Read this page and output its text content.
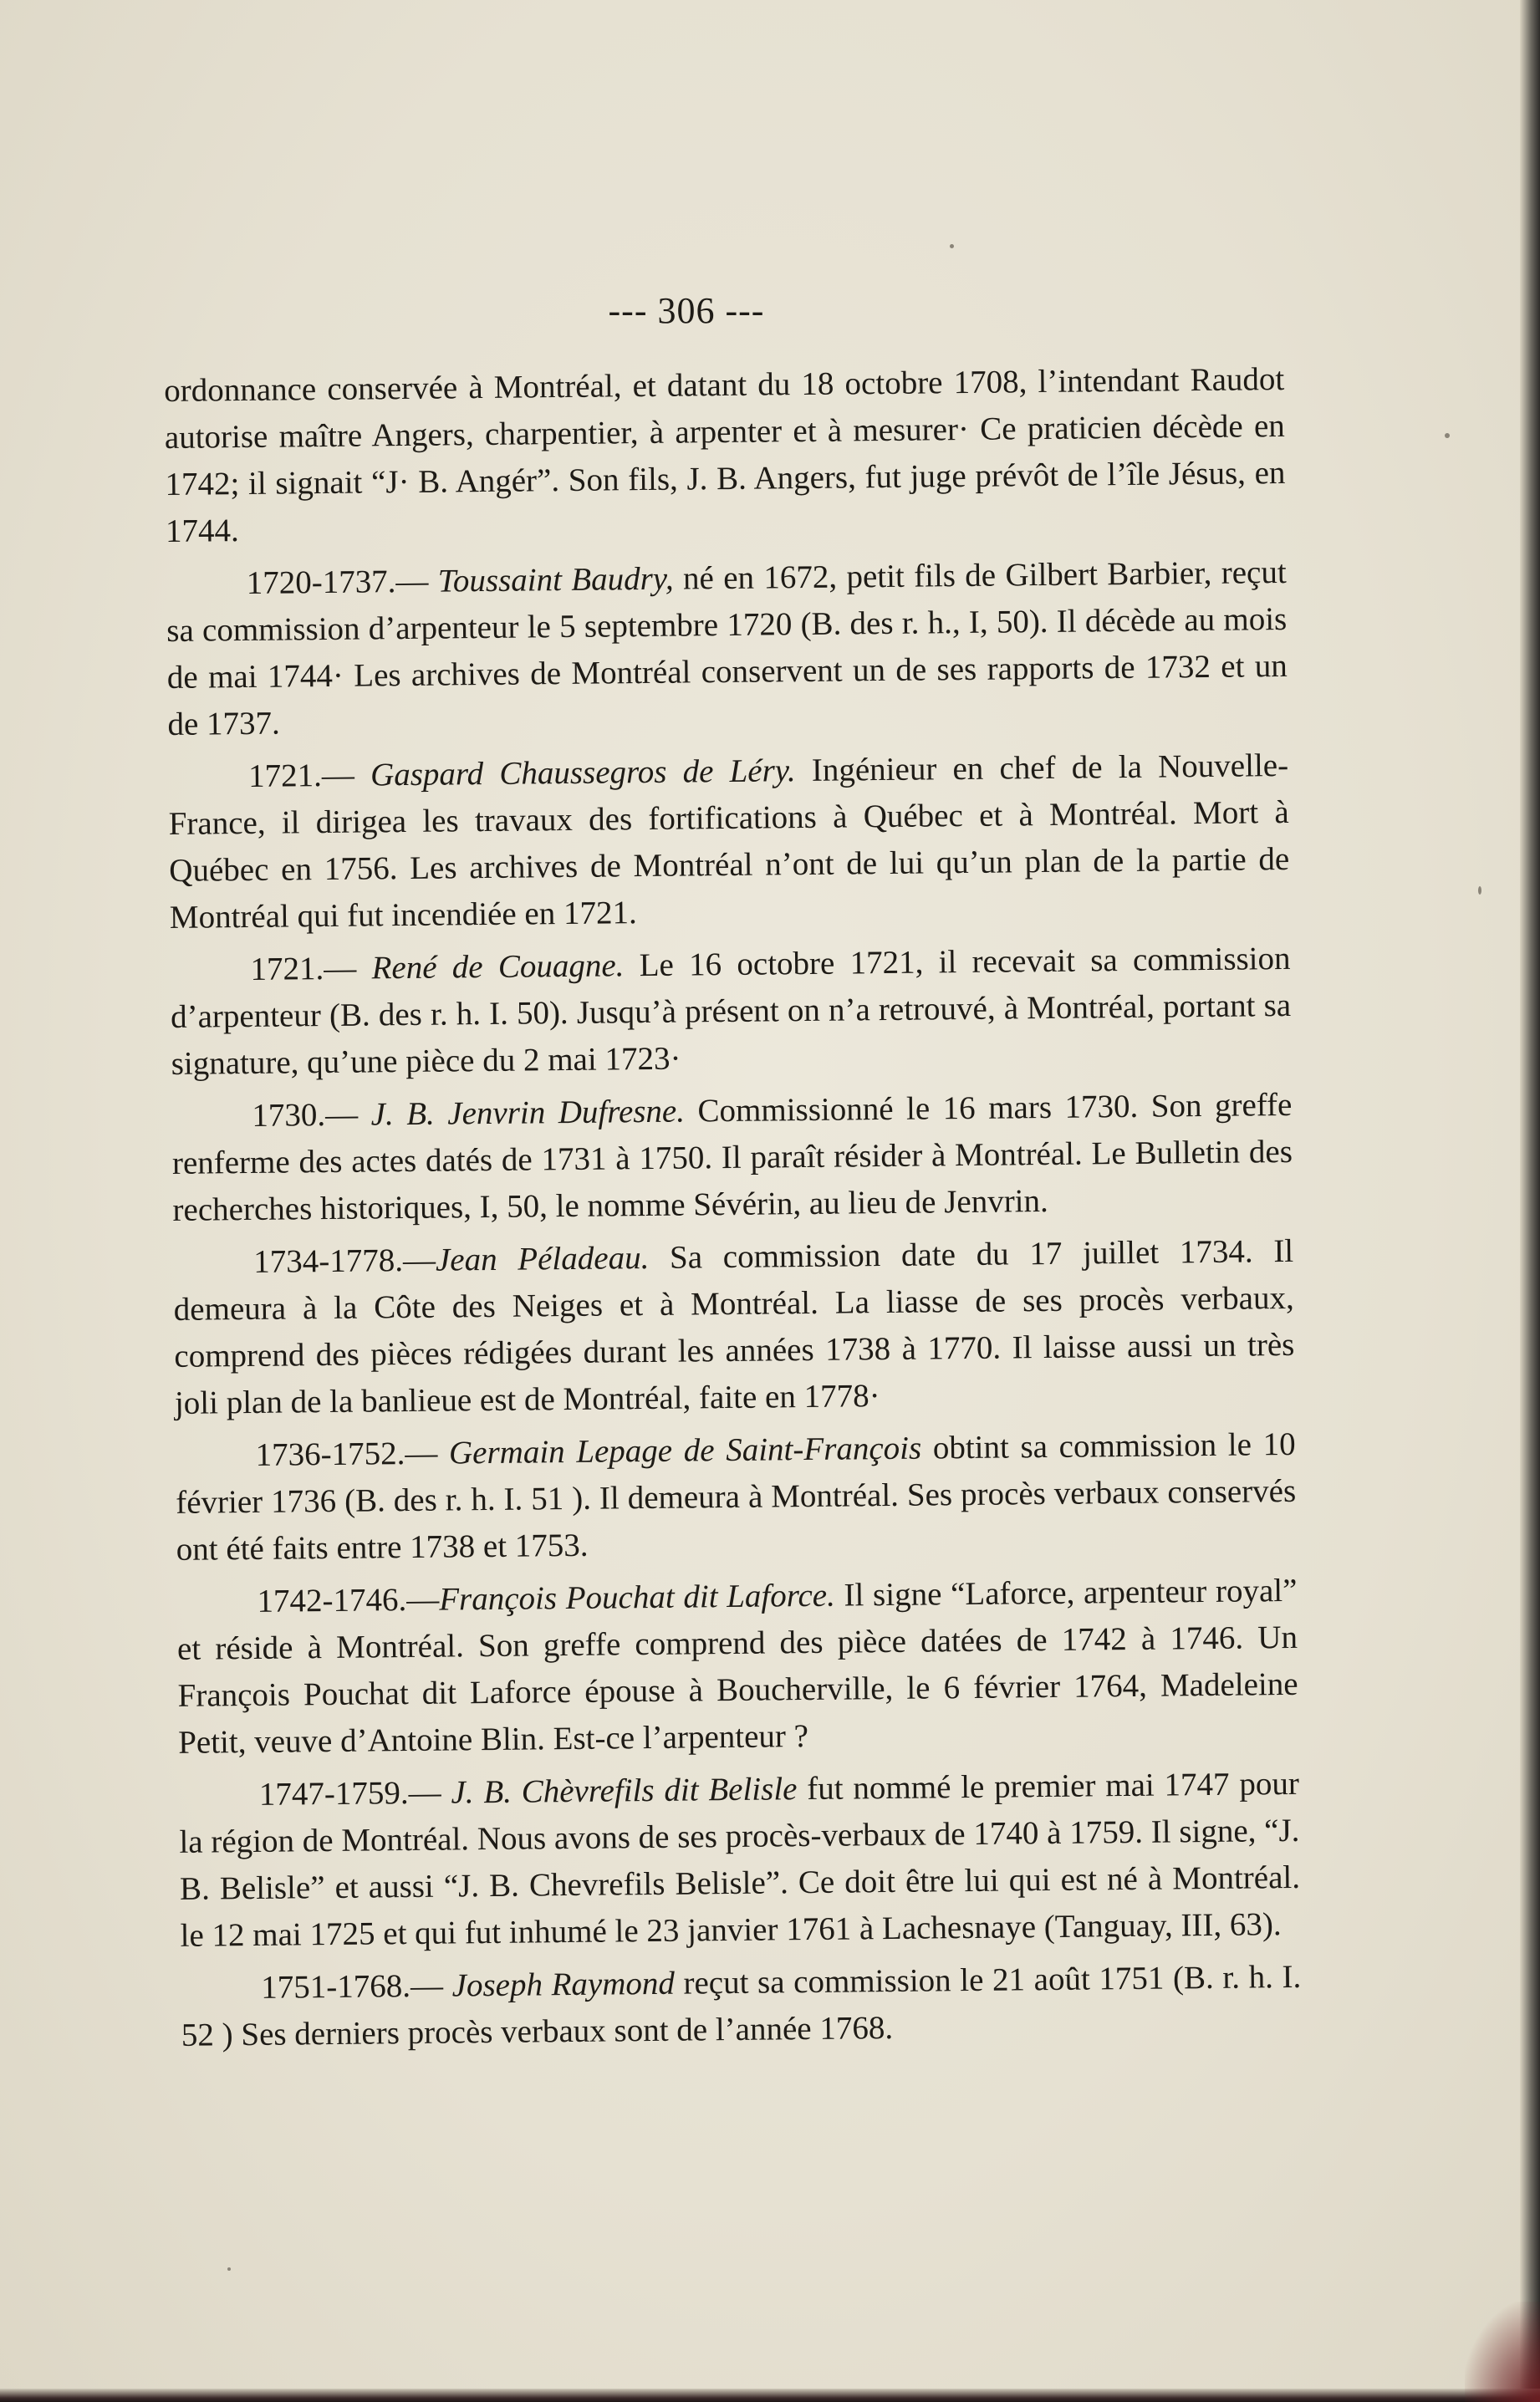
--- 306 ---

ordonnance conservée à Montréal, et datant du 18 octobre 1708, l’intendant Raudot autorise maître Angers, charpentier, à arpenter et à mesurer· Ce praticien décède en 1742; il signait “J· B. Angér”. Son fils, J. B. Angers, fut juge prévôt de l’île Jésus, en 1744.

1720-1737.— Toussaint Baudry, né en 1672, petit fils de Gilbert Barbier, reçut sa commission d’arpenteur le 5 septembre 1720 (B. des r. h., I, 50). Il décède au mois de mai 1744· Les archives de Montréal conservent un de ses rapports de 1732 et un de 1737.

1721.— Gaspard Chaussegros de Léry. Ingénieur en chef de la Nouvelle-France, il dirigea les travaux des fortifications à Québec et à Montréal. Mort à Québec en 1756. Les archives de Montréal n’ont de lui qu’un plan de la partie de Montréal qui fut incendiée en 1721.

1721.— René de Couagne. Le 16 octobre 1721, il recevait sa commission d’arpenteur (B. des r. h. I. 50). Jusqu’à présent on n’a retrouvé, à Montréal, portant sa signature, qu’une pièce du 2 mai 1723·

1730.— J. B. Jenvrin Dufresne. Commissionné le 16 mars 1730. Son greffe renferme des actes datés de 1731 à 1750. Il paraît résider à Montréal. Le Bulletin des recherches historiques, I, 50, le nomme Sévérin, au lieu de Jenvrin.

1734-1778.—Jean Péladeau. Sa commission date du 17 juillet 1734. Il demeura à la Côte des Neiges et à Montréal. La liasse de ses procès verbaux, comprend des pièces rédigées durant les années 1738 à 1770. Il laisse aussi un très joli plan de la banlieue est de Montréal, faite en 1778·

1736-1752.— Germain Lepage de Saint-François obtint sa commission le 10 février 1736 (B. des r. h. I. 51 ). Il demeura à Montréal. Ses procès verbaux conservés ont été faits entre 1738 et 1753.

1742-1746.—François Pouchat dit Laforce. Il signe “Laforce, arpenteur royal” et réside à Montréal. Son greffe comprend des pièce datées de 1742 à 1746. Un François Pouchat dit Laforce épouse à Boucherville, le 6 février 1764, Madeleine Petit, veuve d’Antoine Blin. Est-ce l’arpenteur ?

1747-1759.— J. B. Chèvrefils dit Belisle fut nommé le premier mai 1747 pour la région de Montréal. Nous avons de ses procès-verbaux de 1740 à 1759. Il signe, “J. B. Belisle” et aussi “J. B. Chevrefils Belisle”. Ce doit être lui qui est né à Montréal. le 12 mai 1725 et qui fut inhumé le 23 janvier 1761 à Lachesnaye (Tanguay, III, 63).

1751-1768.— Joseph Raymond reçut sa commission le 21 août 1751 (B. r. h. I. 52 ) Ses derniers procès verbaux sont de l’année 1768.
